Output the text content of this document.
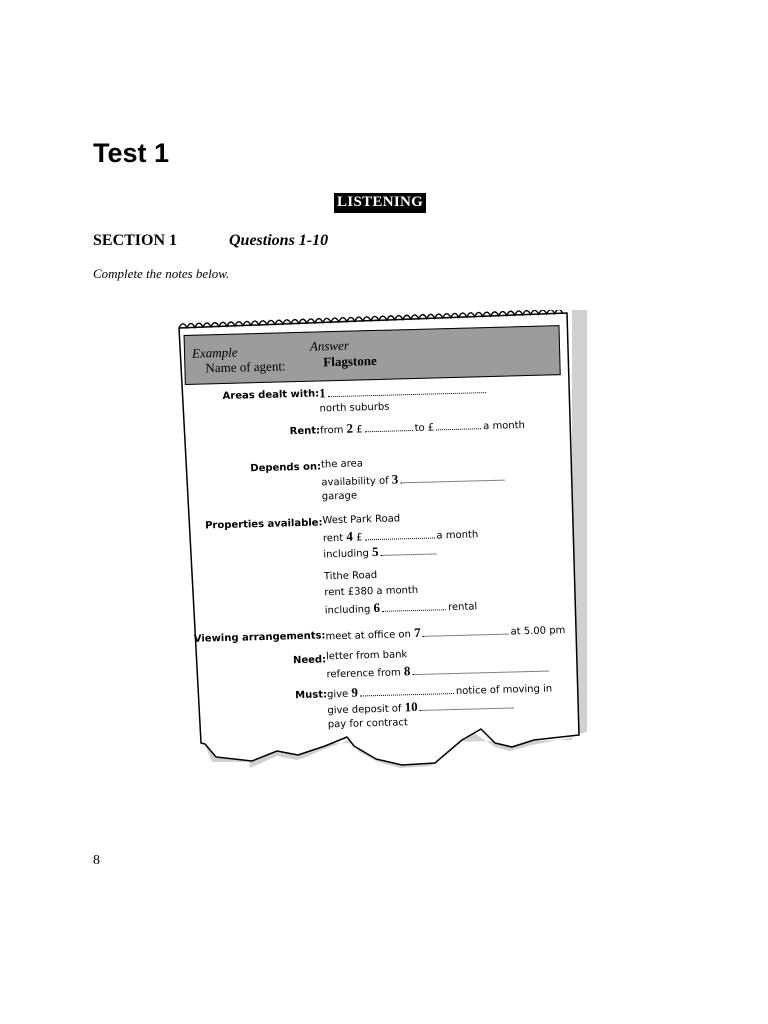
Test 1
LISTENING
SECTION 1	Questions 1-10
Complete the notes below.
Example	Answer
Name of agent:	Flagstone
Areas dealt with: 1
north suburbs
Rent: from 2 £	to £	a month
Depends on: the area
availability of 3
garage
Properties available: West Park Road
rent 4 £	a month
including 5
Tithe Road
rent £380 a month
including 6	rental
Viewing arrangements: meet at office on 7	at 5.00 pm
Need: letter from bank
reference from 8
Must: give 9	notice of moving in
give deposit of 10
pay for contract
8
